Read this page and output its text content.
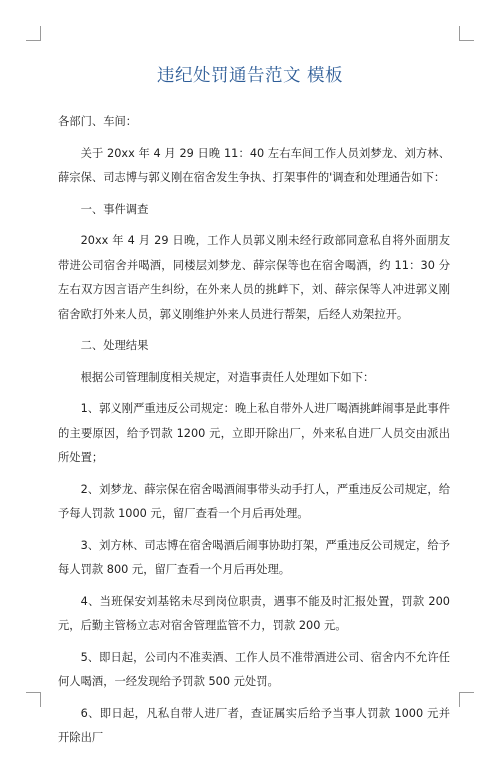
违纪处罚通告范文 模板

各部门、车间：

关于 20xx 年 4 月 29 日晚 11：40 左右车间工作人员刘梦龙、刘方林、薛宗保、司志博与郭义刚在宿舍发生争执、打架事件的'调查和处理通告如下：

一、事件调查

20xx 年 4 月 29 日晚，工作人员郭义刚未经行政部同意私自将外面朋友带进公司宿舍并喝酒，同楼层刘梦龙、薛宗保等也在宿舍喝酒，约 11：30 分左右双方因言语产生纠纷，在外来人员的挑衅下，刘、薛宗保等人冲进郭义刚宿舍欧打外来人员，郭义刚维护外来人员进行帮架，后经人劝架拉开。

二、处理结果

根据公司管理制度相关规定，对造事责任人处理如下如下：

1、郭义刚严重违反公司规定：晚上私自带外人进厂喝酒挑衅闹事是此事件的主要原因，给予罚款 1200 元，立即开除出厂，外来私自进厂人员交由派出所处置；

2、刘梦龙、薛宗保在宿舍喝酒闹事带头动手打人，严重违反公司规定，给予每人罚款 1000 元，留厂查看一个月后再处理。

3、刘方林、司志博在宿舍喝酒后闹事协助打架，严重违反公司规定，给予每人罚款 800 元，留厂查看一个月后再处理。

4、当班保安刘基铭未尽到岗位职责，遇事不能及时汇报处置，罚款 200 元，后勤主管杨立志对宿舍管理监管不力，罚款 200 元。

5、即日起，公司内不准卖酒、工作人员不准带酒进公司、宿舍内不允许任何人喝酒，一经发现给予罚款 500 元处罚。

6、即日起，凡私自带人进厂者，查证属实后给予当事人罚款 1000 元并开除出厂
